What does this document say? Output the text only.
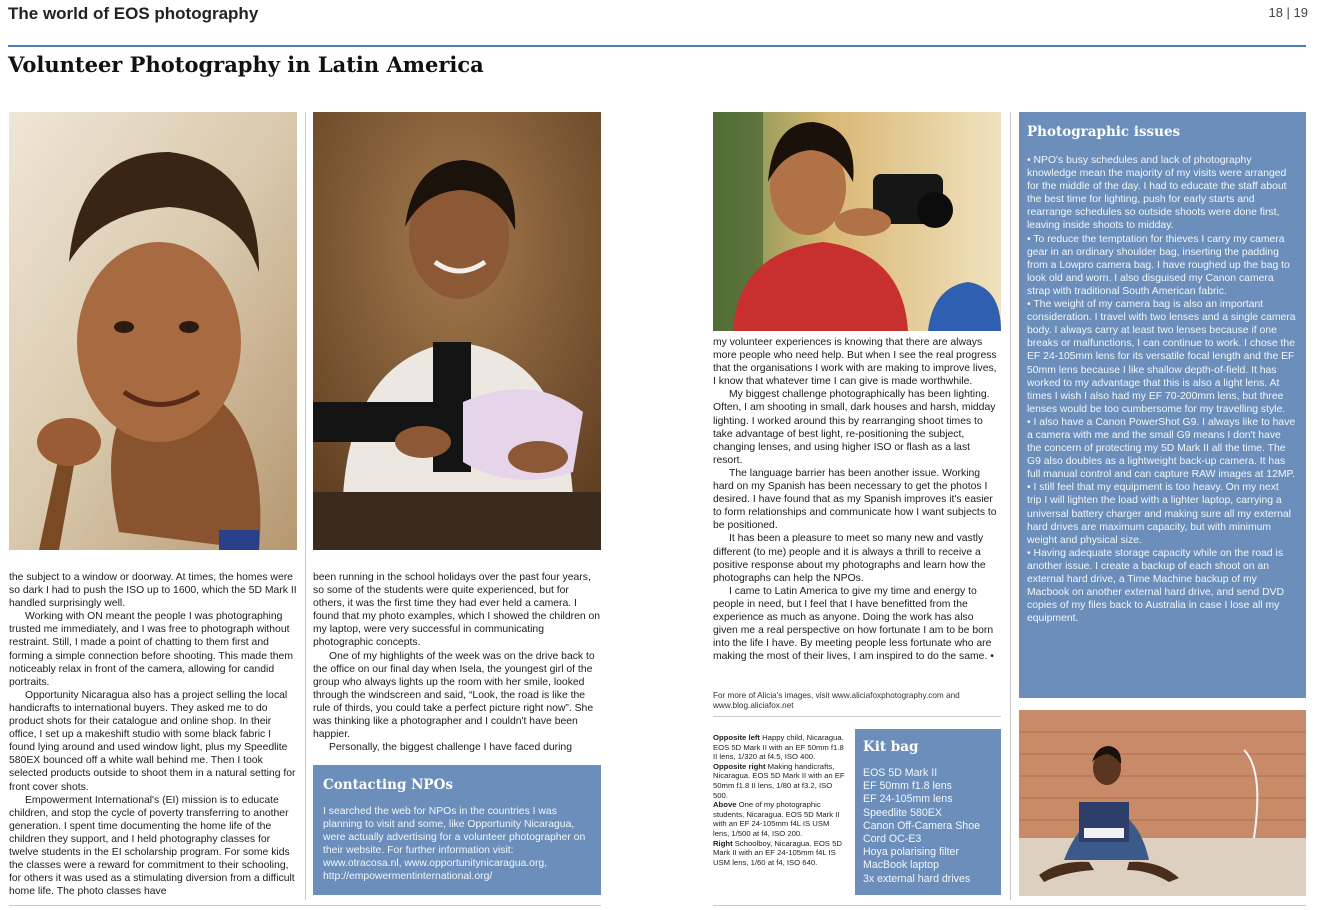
The world of EOS photography	18 | 19
Volunteer Photography in Latin America

the subject to a window or doorway. At times, the homes were so dark I had to push the ISO up to 1600, which the 5D Mark II handled surprisingly well.

Working with ON meant the people I was photographing trusted me immediately, and I was free to photograph without restraint. Still, I made a point of chatting to them first and forming a simple connection before shooting. This made them noticeably relax in front of the camera, allowing for candid portraits.

Opportunity Nicaragua also has a project selling the local handicrafts to international buyers. They asked me to do product shots for their catalogue and online shop. In their office, I set up a makeshift studio with some black fabric I found lying around and used window light, plus my Speedlite 580EX bounced off a white wall behind me. Then I took selected products outside to shoot them in a natural setting for front cover shots.

Empowerment International's (EI) mission is to educate children, and stop the cycle of poverty transferring to another generation. I spent time documenting the home life of the children they support, and I held photography classes for twelve students in the EI scholarship program. For some kids the classes were a reward for commitment to their schooling, for others it was used as a stimulating diversion from a difficult home life. The photo classes have

been running in the school holidays over the past four years, so some of the students were quite experienced, but for others, it was the first time they had ever held a camera. I found that my photo examples, which I showed the children on my laptop, were very successful in communicating photographic concepts.

One of my highlights of the week was on the drive back to the office on our final day when Isela, the youngest girl of the group who always lights up the room with her smile, looked through the windscreen and said, “Look, the road is like the rule of thirds, you could take a perfect picture right now”. She was thinking like a photographer and I couldn't have been happier.

Personally, the biggest challenge I have faced during

Contacting NPOs
I searched the web for NPOs in the countries I was planning to visit and some, like Opportunity Nicaragua, were actually advertising for a volunteer photographer on their website. For further information visit: www.otracosa.nl, www.opportunitynicaragua.org, http://empowermentinternational.org/

my volunteer experiences is knowing that there are always more people who need help. But when I see the real progress that the organisations I work with are making to improve lives, I know that whatever time I can give is made worthwhile.

My biggest challenge photographically has been lighting. Often, I am shooting in small, dark houses and harsh, midday lighting. I worked around this by rearranging shoot times to take advantage of best light, re-positioning the subject, changing lenses, and using higher ISO or flash as a last resort.

The language barrier has been another issue. Working hard on my Spanish has been necessary to get the photos I desired. I have found that as my Spanish improves it's easier to form relationships and communicate how I want subjects to be positioned.

It has been a pleasure to meet so many new and vastly different (to me) people and it is always a thrill to receive a positive response about my photographs and learn how the photographs can help the NPOs.

I came to Latin America to give my time and energy to people in need, but I feel that I have benefitted from the experience as much as anyone. Doing the work has also given me a real perspective on how fortunate I am to be born into the life I have. By meeting people less fortunate who are making the most of their lives, I am inspired to do the same. •

For more of Alicia's images, visit www.aliciafoxphotography.com and www.blog.aliciafox.net
Opposite left Happy child, Nicaragua. EOS 5D Mark II with an EF 50mm f1.8 II lens, 1/320 at f4.5, ISO 400.
Opposite right Making handicrafts, Nicaragua. EOS 5D Mark II with an EF 50mm f1.8 II lens, 1/80 at f3.2, ISO 500.
Above One of my photographic students, Nicaragua. EOS 5D Mark II with an EF 24-105mm f4L IS USM lens, 1/500 at f4, ISO 200.
Right Schoolboy, Nicaragua. EOS 5D Mark II with an EF 24-105mm f4L IS USM lens, 1/60 at f4, ISO 640.
Kit bag
EOS 5D Mark II
EF 50mm f1.8 lens
EF 24-105mm lens
Speedlite 580EX
Canon Off-Camera Shoe
Cord OC-E3
Hoya polarising filter
MacBook laptop
3x external hard drives
Photographic issues

• NPO's busy schedules and lack of photography knowledge mean the majority of my visits were arranged for the middle of the day. I had to educate the staff about the best time for lighting, push for early starts and rearrange schedules so outside shoots were done first, leaving inside shoots to midday.

• To reduce the temptation for thieves I carry my camera gear in an ordinary shoulder bag, inserting the padding from a Lowpro camera bag. I have roughed up the bag to look old and worn. I also disguised my Canon camera strap with traditional South American fabric.

• The weight of my camera bag is also an important consideration. I travel with two lenses and a single camera body. I always carry at least two lenses because if one breaks or malfunctions, I can continue to work. I chose the EF 24-105mm lens for its versatile focal length and the EF 50mm lens because I like shallow depth-of-field. It has worked to my advantage that this is also a light lens. At times I wish I also had my EF 70-200mm lens, but three lenses would be too cumbersome for my travelling style.

• I also have a Canon PowerShot G9. I always like to have a camera with me and the small G9 means I don't have the concern of protecting my 5D Mark II all the time. The G9 also doubles as a lightweight back-up camera. It has full manual control and can capture RAW images at 12MP.

• I still feel that my equipment is too heavy. On my next trip I will lighten the load with a lighter laptop, carrying a universal battery charger and making sure all my external hard drives are maximum capacity, but with minimum weight and physical size.

• Having adequate storage capacity while on the road is another issue. I create a backup of each shoot on an external hard drive, a Time Machine backup of my Macbook on another external hard drive, and send DVD copies of my files back to Australia in case I lose all my equipment.
